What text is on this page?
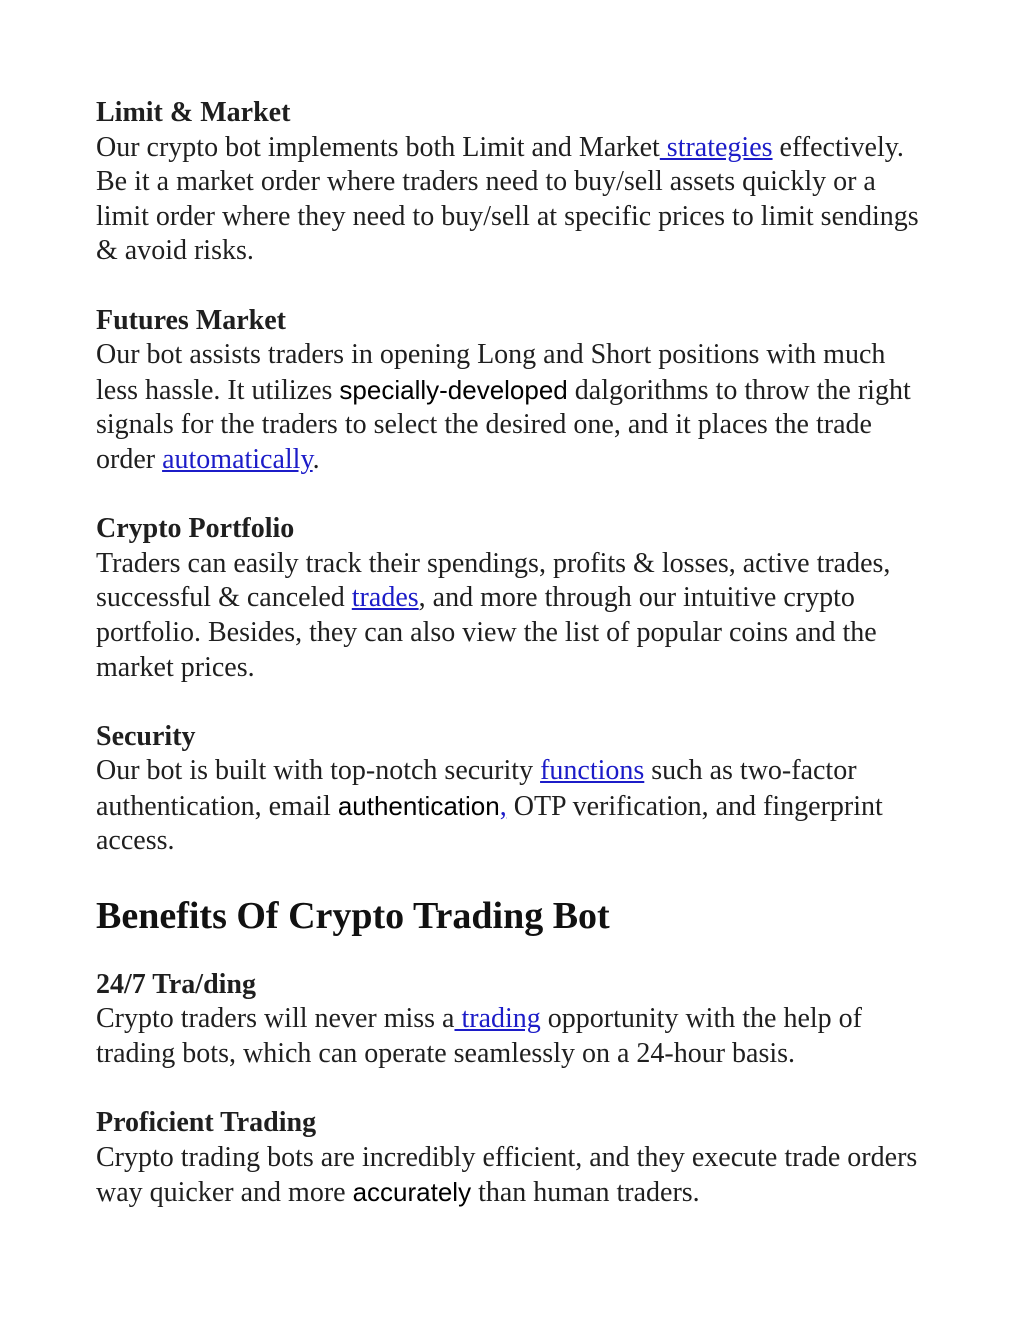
Limit & Market

Our crypto bot implements both Limit and Market strategies effectively. Be it a market order where traders need to buy/sell assets quickly or a limit order where they need to buy/sell at specific prices to limit sendings & avoid risks.

Futures Market

Our bot assists traders in opening Long and Short positions with much less hassle. It utilizes specially-developed dalgorithms to throw the right signals for the traders to select the desired one, and it places the trade order automatically.

Crypto Portfolio

Traders can easily track their spendings, profits & losses, active trades, successful & canceled trades, and more through our intuitive crypto portfolio. Besides, they can also view the list of popular coins and the market prices.

Security

Our bot is built with top-notch security functions such as two-factor authentication, email authentication, OTP verification, and fingerprint access.

Benefits Of Crypto Trading Bot
24/7 Tra/ding

Crypto traders will never miss a trading opportunity with the help of trading bots, which can operate seamlessly on a 24-hour basis.

Proficient Trading

Crypto trading bots are incredibly efficient, and they execute trade orders way quicker and more accurately than human traders.
